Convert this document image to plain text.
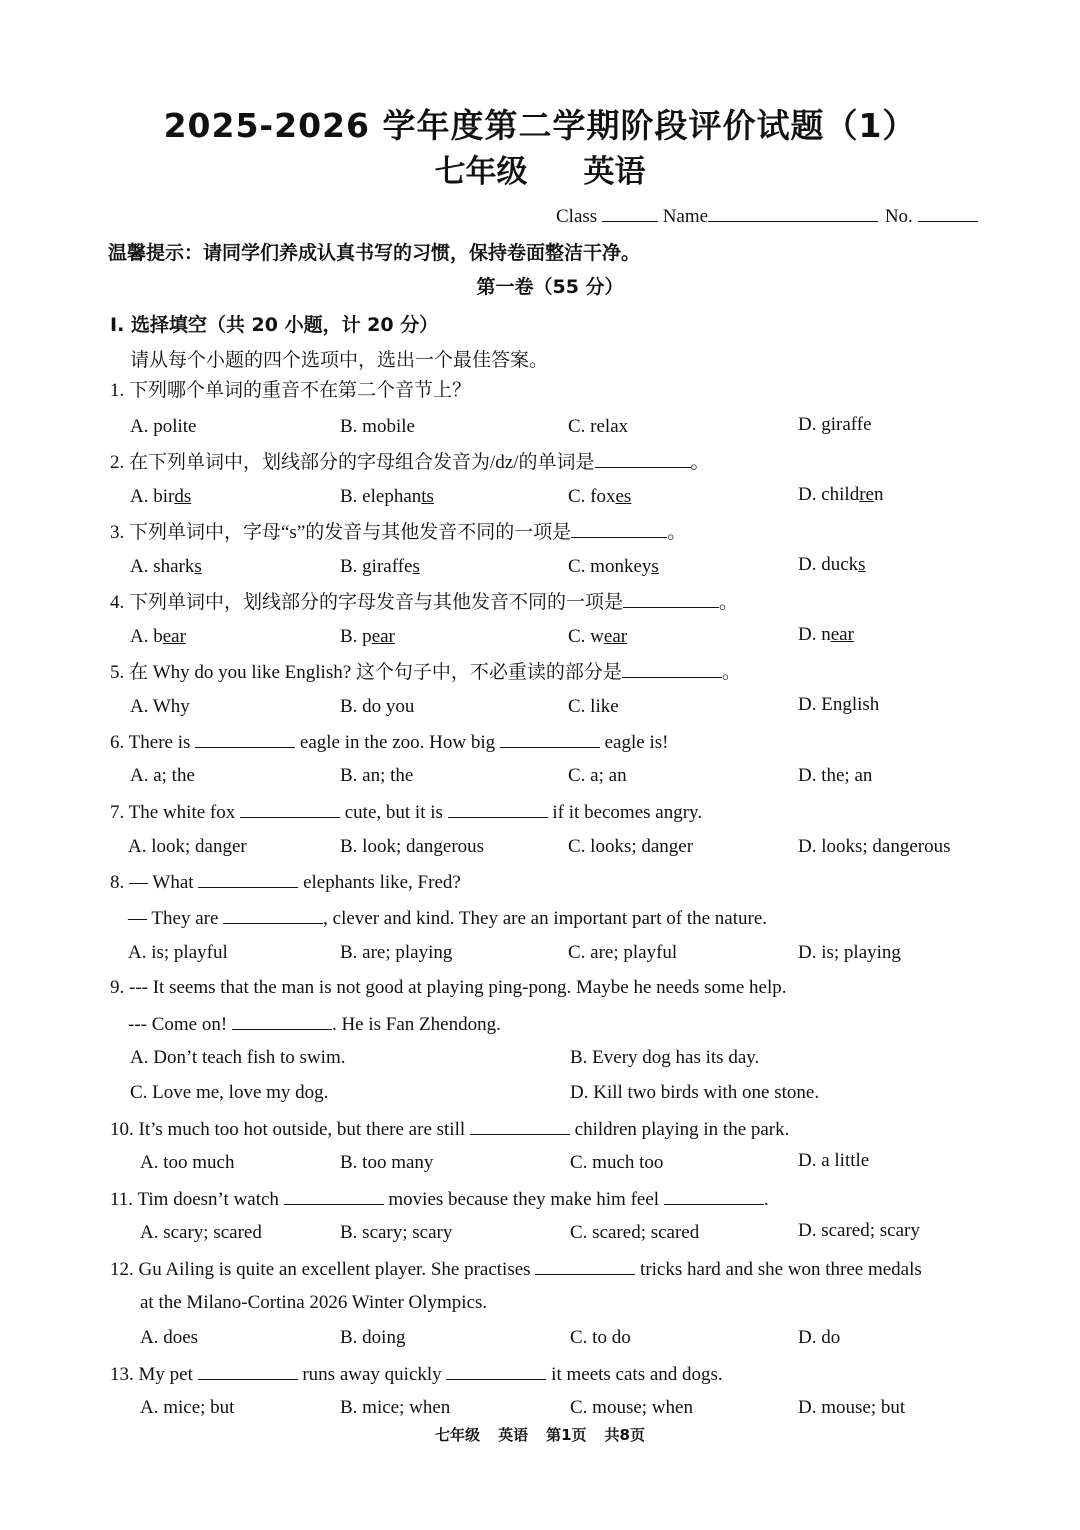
2025-2026 学年度第二学期阶段评价试题（1）
七年级 英语
Class	Name	No.
温馨提示：请同学们养成认真书写的习惯，保持卷面整洁干净。
第一卷（55 分）
I. 选择填空（共 20 小题，计 20 分）
请从每个小题的四个选项中，选出一个最佳答案。
1. 下列哪个单词的重音不在第二个音节上？
A. polite	B. mobile	C. relax	D. giraffe
2. 在下列单词中，划线部分的字母组合发音为/dz/的单词是	。
A. birds	B. elephants	C. foxes	D. children
3. 下列单词中，字母“s”的发音与其他发音不同的一项是	。
A. sharks	B. giraffes	C. monkeys	D. ducks
4. 下列单词中，划线部分的字母发音与其他发音不同的一项是	。
A. bear	B. pear	C. wear	D. near
5. 在 Why do you like English? 这个句子中，不必重读的部分是	。
A. Why	B. do you	C. like	D. English
6. There is	eagle in the zoo. How big	eagle is!
A. a; the	B. an; the	C. a; an	D. the; an
7. The white fox	cute, but it is	if it becomes angry.
A. look; danger	B. look; dangerous	C. looks; danger	D. looks; dangerous
8. — What	elephants like, Fred?
— They are	, clever and kind. They are an important part of the nature.
A. is; playful	B. are; playing	C. are; playful	D. is; playing
9. --- It seems that the man is not good at playing ping-pong. Maybe he needs some help.
--- Come on!	. He is Fan Zhendong.
A. Don’t teach fish to swim.	B. Every dog has its day.
C. Love me, love my dog.	D. Kill two birds with one stone.
10. It’s much too hot outside, but there are still	children playing in the park.
A. too much	B. too many	C. much too	D. a little
11. Tim doesn’t watch	movies because they make him feel	.
A. scary; scared	B. scary; scary	C. scared; scared	D. scared; scary
12. Gu Ailing is quite an excellent player. She practises	tricks hard and she won three medals
at the Milano-Cortina 2026 Winter Olympics.
A. does	B. doing	C. to do	D. do
13. My pet	runs away quickly	it meets cats and dogs.
A. mice; but	B. mice; when	C. mouse; when	D. mouse; but
七年级 英语 第1页 共8页
